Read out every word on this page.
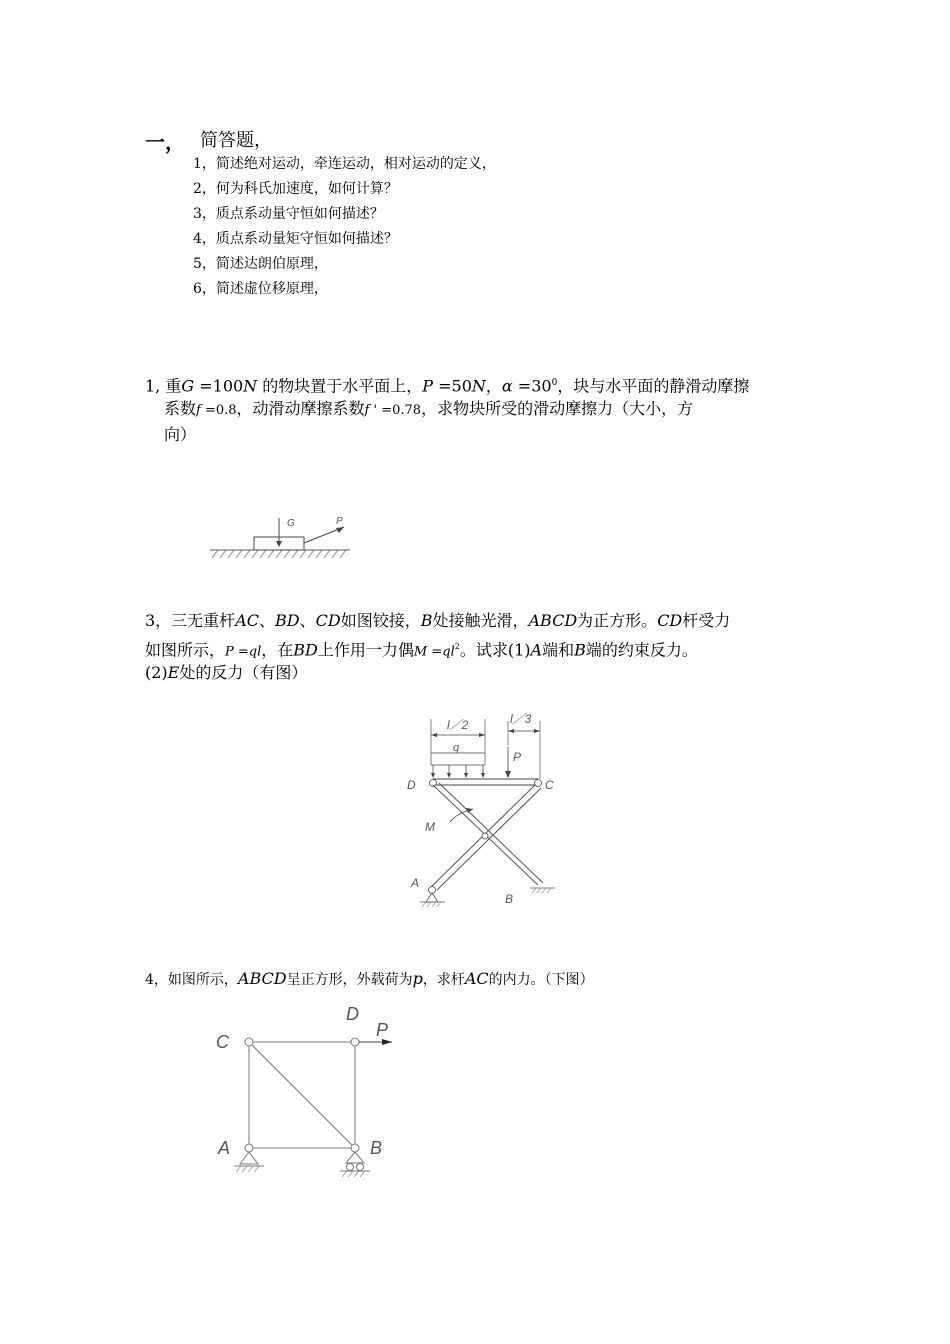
一， 简答题，
1，简述绝对运动，牵连运动，相对运动的定义，
2，何为科氏加速度，如何计算？
3，质点系动量守恒如何描述？
4，质点系动量矩守恒如何描述？
5，简述达朗伯原理，
6，简述虚位移原理，
1, 重G =100N 的物块置于水平面上，P =50N，$\alpha =30^0$，块与水平面的静滑动摩擦
系数f =0.8，动滑动摩擦系数f ' =0.78，求物块所受的滑动摩擦力（大小，方
向）
G	P
3，三无重杆AC、BD、CD如图铰接，B处接触光滑，ABCD为正方形。CD杆受力
如图所示，P =ql，在BD上作用一力偶$M =ql^2$。试求(1)A端和B端的约束反力。
(2)E处的反力（有图）
l／2	l／3
q
P
D	C
M
A
B
4，如图所示，ABCD呈正方形，外载荷为p，求杆AC的内力。（下图）
C
D
P
A	B
